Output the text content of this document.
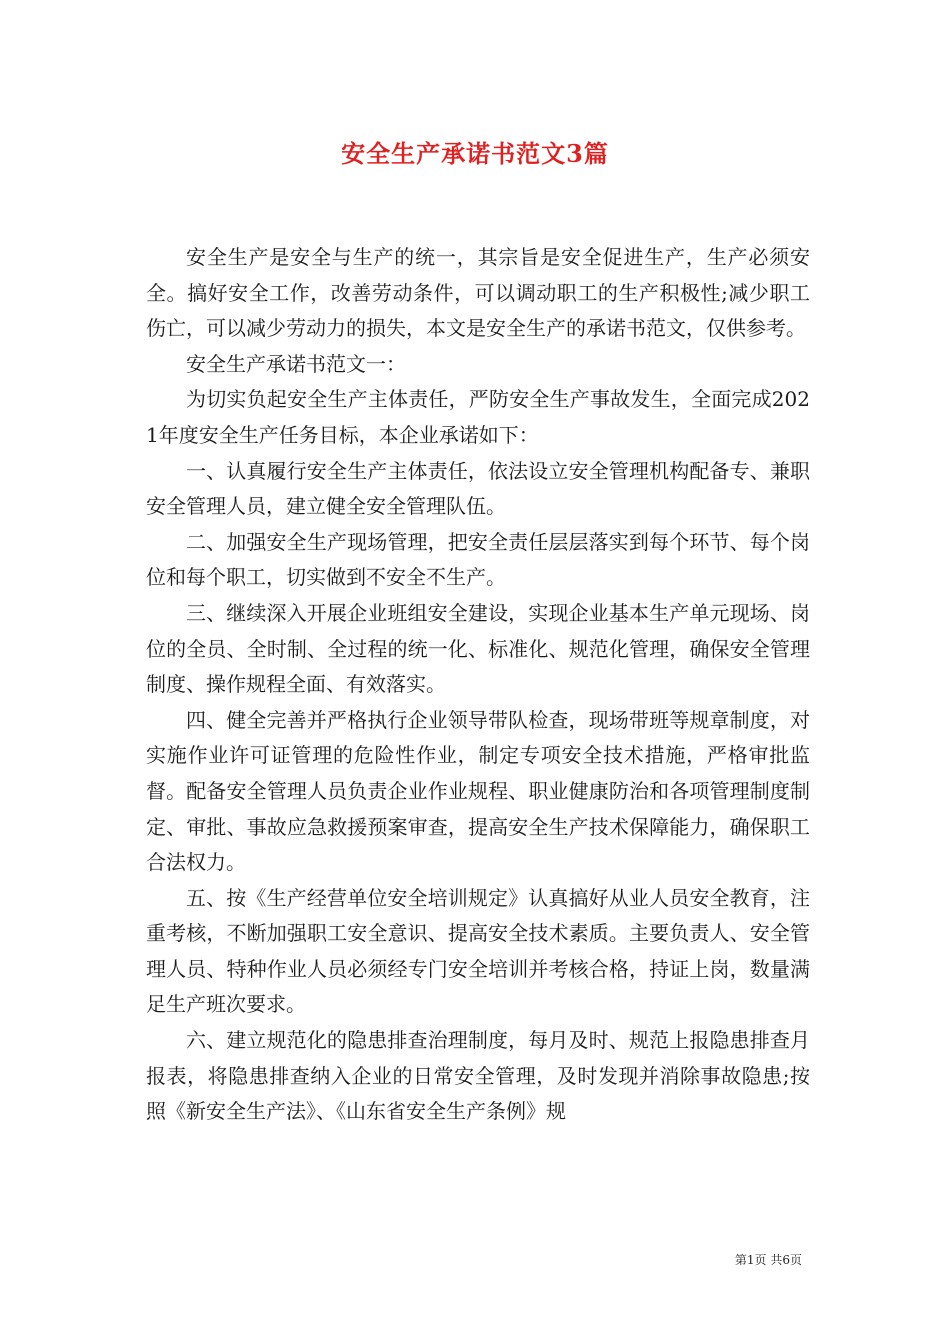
安全生产承诺书范文3篇

安全生产是安全与生产的统一，其宗旨是安全促进生产，生产必须安全。搞好安全工作，改善劳动条件，可以调动职工的生产积极性;减少职工伤亡，可以减少劳动力的损失，本文是安全生产的承诺书范文，仅供参考。

安全生产承诺书范文一：

为切实负起安全生产主体责任，严防安全生产事故发生，全面完成2021年度安全生产任务目标，本企业承诺如下：

一、认真履行安全生产主体责任，依法设立安全管理机构配备专、兼职安全管理人员，建立健全安全管理队伍。

二、加强安全生产现场管理，把安全责任层层落实到每个环节、每个岗位和每个职工，切实做到不安全不生产。

三、继续深入开展企业班组安全建设，实现企业基本生产单元现场、岗位的全员、全时制、全过程的统一化、标准化、规范化管理，确保安全管理制度、操作规程全面、有效落实。

四、健全完善并严格执行企业领导带队检查，现场带班等规章制度，对实施作业许可证管理的危险性作业，制定专项安全技术措施，严格审批监督。配备安全管理人员负责企业作业规程、职业健康防治和各项管理制度制定、审批、事故应急救援预案审查，提高安全生产技术保障能力，确保职工合法权力。

五、按《生产经营单位安全培训规定》认真搞好从业人员安全教育，注重考核，不断加强职工安全意识、提高安全技术素质。主要负责人、安全管理人员、特种作业人员必须经专门安全培训并考核合格，持证上岗，数量满足生产班次要求。

六、建立规范化的隐患排查治理制度，每月及时、规范上报隐患排查月报表，将隐患排查纳入企业的日常安全管理，及时发现并消除事故隐患;按照《新安全生产法》、《山东省安全生产条例》规

第1页 共6页
